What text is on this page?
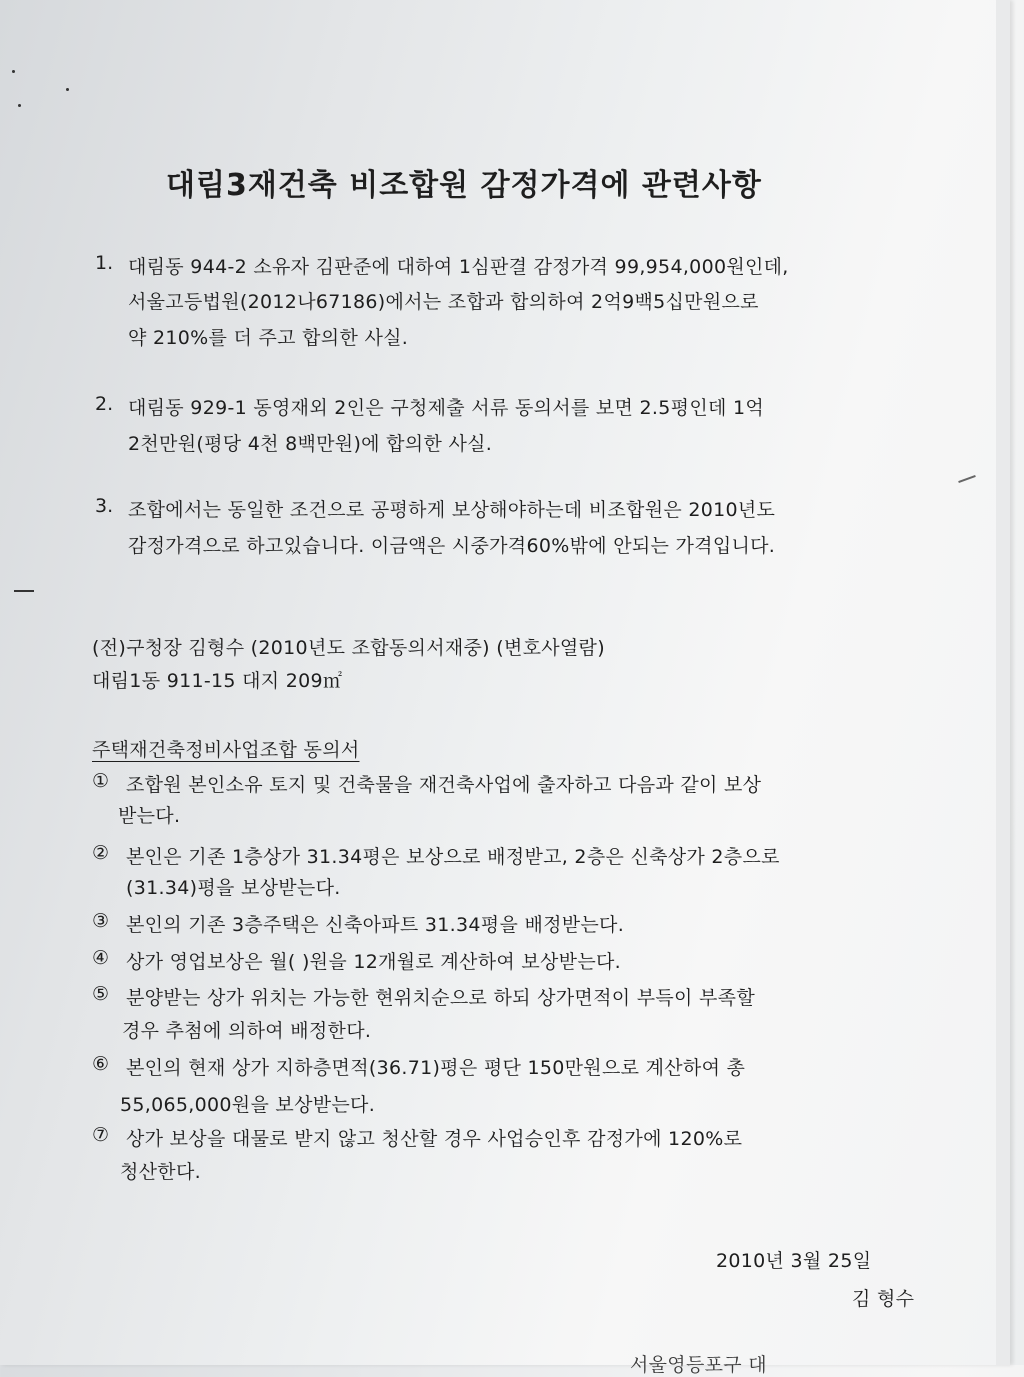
대림3재건축 비조합원 감정가격에 관련사항
1. 대림동 944-2 소유자 김판준에 대하여 1심판결 감정가격 99,954,000원인데,
서울고등법원(2012나67186)에서는 조합과 합의하여 2억9백5십만원으로
약 210%를 더 주고 합의한 사실.
2. 대림동 929-1 동영재외 2인은 구청제출 서류 동의서를 보면 2.5평인데 1억
2천만원(평당 4천 8백만원)에 합의한 사실.
3. 조합에서는 동일한 조건으로 공평하게 보상해야하는데 비조합원은 2010년도
감정가격으로 하고있습니다. 이금액은 시중가격60%밖에 안되는 가격입니다.
(전)구청장 김형수 (2010년도 조합동의서재중) (변호사열람)
대림1동 911-15 대지 209㎡
주택재건축정비사업조합 동의서
① 조합원 본인소유 토지 및 건축물을 재건축사업에 출자하고 다음과 같이 보상
받는다.
② 본인은 기존 1층상가 31.34평은 보상으로 배정받고, 2층은 신축상가 2층으로
(31.34)평을 보상받는다.
③ 본인의 기존 3층주택은 신축아파트 31.34평을 배정받는다.
④ 상가 영업보상은 월( )원을 12개월로 계산하여 보상받는다.
⑤ 분양받는 상가 위치는 가능한 현위치순으로 하되 상가면적이 부득이 부족할
경우 추첨에 의하여 배정한다.
⑥ 본인의 현재 상가 지하층면적(36.71)평은 평단 150만원으로 계산하여 총
55,065,000원을 보상받는다.
⑦ 상가 보상을 대물로 받지 않고 청산할 경우 사업승인후 감정가에 120%로
청산한다.
2010년 3월 25일
김 형수
서울영등포구 대
